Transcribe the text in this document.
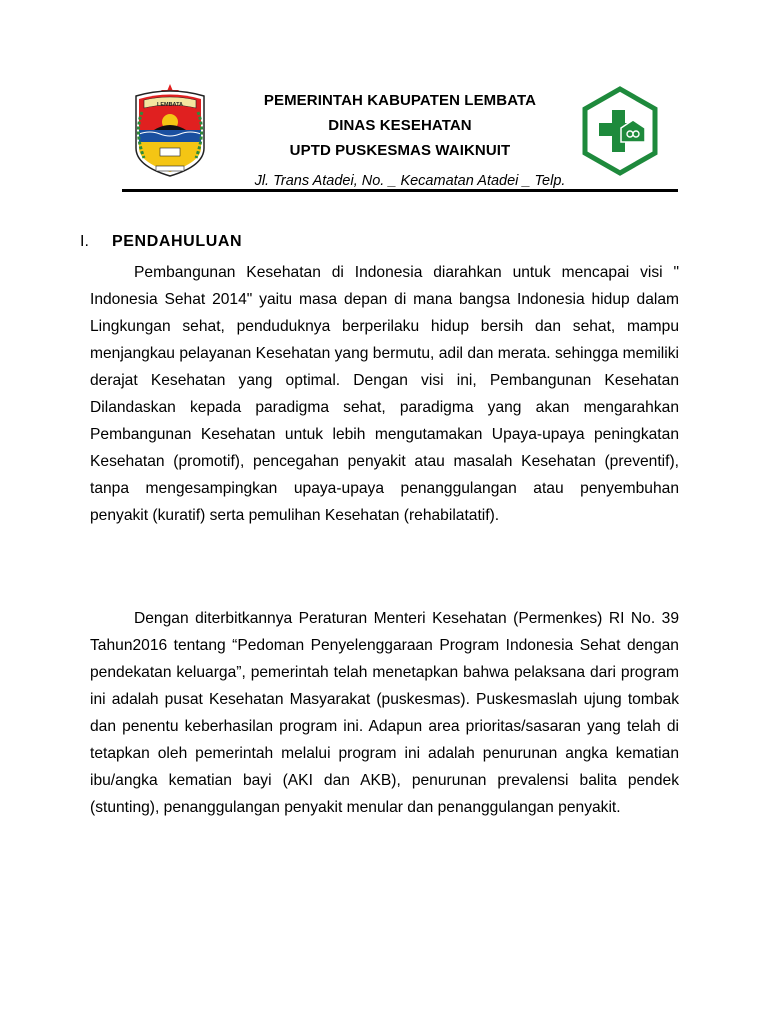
LEMBATA	PEMERINTAH KABUPATEN LEMBATA
DINAS KESEHATAN
UPTD PUSKESMAS WAIKNUIT
Jl. Trans Atadei, No. _ Kecamatan Atadei _ Telp.
I. PENDAHULUAN

Pembangunan Kesehatan di Indonesia diarahkan untuk mencapai visi " Indonesia Sehat 2014" yaitu masa depan di mana bangsa Indonesia hidup dalam Lingkungan sehat, penduduknya berperilaku hidup bersih dan sehat, mampu menjangkau pelayanan Kesehatan yang bermutu, adil dan merata. sehingga memiliki derajat Kesehatan yang optimal. Dengan visi ini, Pembangunan Kesehatan Dilandaskan kepada paradigma sehat, paradigma yang akan mengarahkan Pembangunan Kesehatan untuk lebih mengutamakan Upaya-upaya peningkatan Kesehatan (promotif), pencegahan penyakit atau masalah Kesehatan (preventif), tanpa mengesampingkan upaya-upaya penanggulangan atau penyembuhan penyakit (kuratif) serta pemulihan Kesehatan (rehabilatatif).

Dengan diterbitkannya Peraturan Menteri Kesehatan (Permenkes) RI No. 39 Tahun2016 tentang “Pedoman Penyelenggaraan Program Indonesia Sehat dengan pendekatan keluarga”, pemerintah telah menetapkan bahwa pelaksana dari program ini adalah pusat Kesehatan Masyarakat (puskesmas). Puskesmaslah ujung tombak dan penentu keberhasilan program ini. Adapun area prioritas/sasaran yang telah di tetapkan oleh pemerintah melalui program ini adalah penurunan angka kematian ibu/angka kematian bayi (AKI dan AKB), penurunan prevalensi balita pendek (stunting), penanggulangan penyakit menular dan penanggulangan penyakit.
